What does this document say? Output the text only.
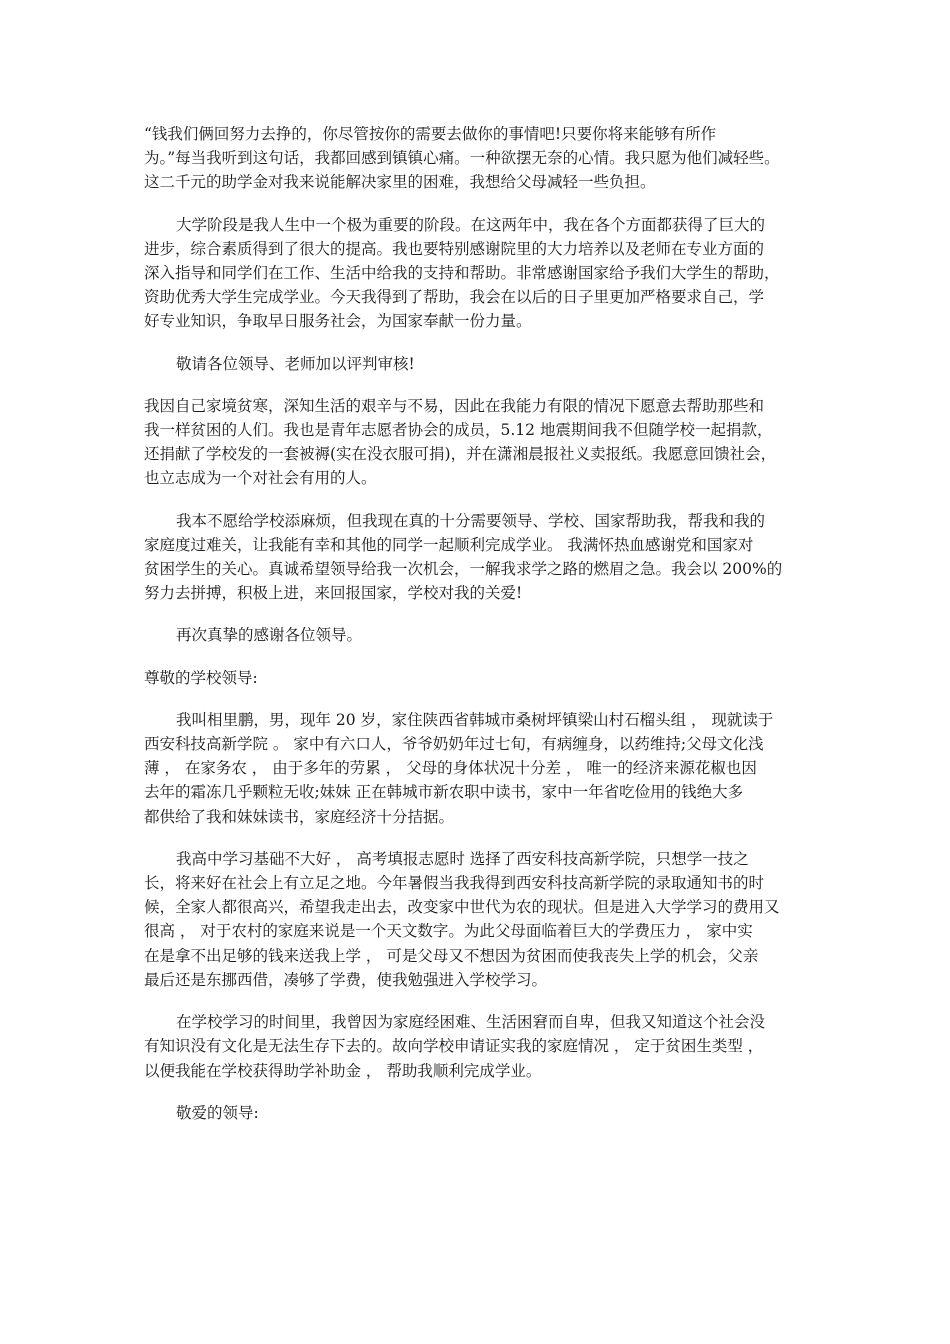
“钱我们俩回努力去挣的，你尽管按你的需要去做你的事情吧!只要你将来能够有所作
为。”每当我听到这句话，我都回感到镇镇心痛。一种欲摆无奈的心情。我只愿为他们减轻些。
这二千元的助学金对我来说能解决家里的困难，我想给父母减轻一些负担。
大学阶段是我人生中一个极为重要的阶段。在这两年中，我在各个方面都获得了巨大的
进步，综合素质得到了很大的提高。我也要特别感谢院里的大力培养以及老师在专业方面的
深入指导和同学们在工作、生活中给我的支持和帮助。非常感谢国家给予我们大学生的帮助，
资助优秀大学生完成学业。今天我得到了帮助，我会在以后的日子里更加严格要求自己，学
好专业知识，争取早日服务社会，为国家奉献一份力量。
敬请各位领导、老师加以评判审核!
我因自己家境贫寒，深知生活的艰辛与不易，因此在我能力有限的情况下愿意去帮助那些和
我一样贫困的人们。我也是青年志愿者协会的成员，5.12 地震期间我不但随学校一起捐款，
还捐献了学校发的一套被褥(实在没衣服可捐)，并在潇湘晨报社义卖报纸。我愿意回馈社会，
也立志成为一个对社会有用的人。
我本不愿给学校添麻烦，但我现在真的十分需要领导、学校、国家帮助我，帮我和我的
家庭度过难关，让我能有幸和其他的同学一起顺利完成学业。 我满怀热血感谢党和国家对
贫困学生的关心。真诚希望领导给我一次机会，一解我求学之路的燃眉之急。我会以 200%的
努力去拼搏，积极上进，来回报国家，学校对我的关爱!
再次真挚的感谢各位领导。
尊敬的学校领导:
我叫相里鹏，男，现年 20 岁，家住陕西省韩城市桑树坪镇梁山村石榴头组 ， 现就读于
西安科技高新学院 。 家中有六口人，爷爷奶奶年过七旬，有病缠身，以药维持;父母文化浅
薄 ， 在家务农 ， 由于多年的劳累 ， 父母的身体状况十分差 ， 唯一的经济来源花椒也因
去年的霜冻几乎颗粒无收;妹妹 正在韩城市新农职中读书，家中一年省吃俭用的钱绝大多
都供给了我和妹妹读书，家庭经济十分拮据。
我高中学习基础不大好 ， 高考填报志愿时 选择了西安科技高新学院，只想学一技之
长，将来好在社会上有立足之地。今年暑假当我我得到西安科技高新学院的录取通知书的时
候，全家人都很高兴，希望我走出去，改变家中世代为农的现状。但是进入大学学习的费用又
很高 ， 对于农村的家庭来说是一个天文数字。为此父母面临着巨大的学费压力 ， 家中实
在是拿不出足够的钱来送我上学 ， 可是父母又不想因为贫困而使我丧失上学的机会，父亲
最后还是东挪西借，凑够了学费，使我勉强进入学校学习。
在学校学习的时间里，我曾因为家庭经困难、生活困窘而自卑，但我又知道这个社会没
有知识没有文化是无法生存下去的。故向学校申请证实我的家庭情况 ， 定于贫困生类型 ，
以便我能在学校获得助学补助金 ， 帮助我顺利完成学业。
敬爱的领导:
